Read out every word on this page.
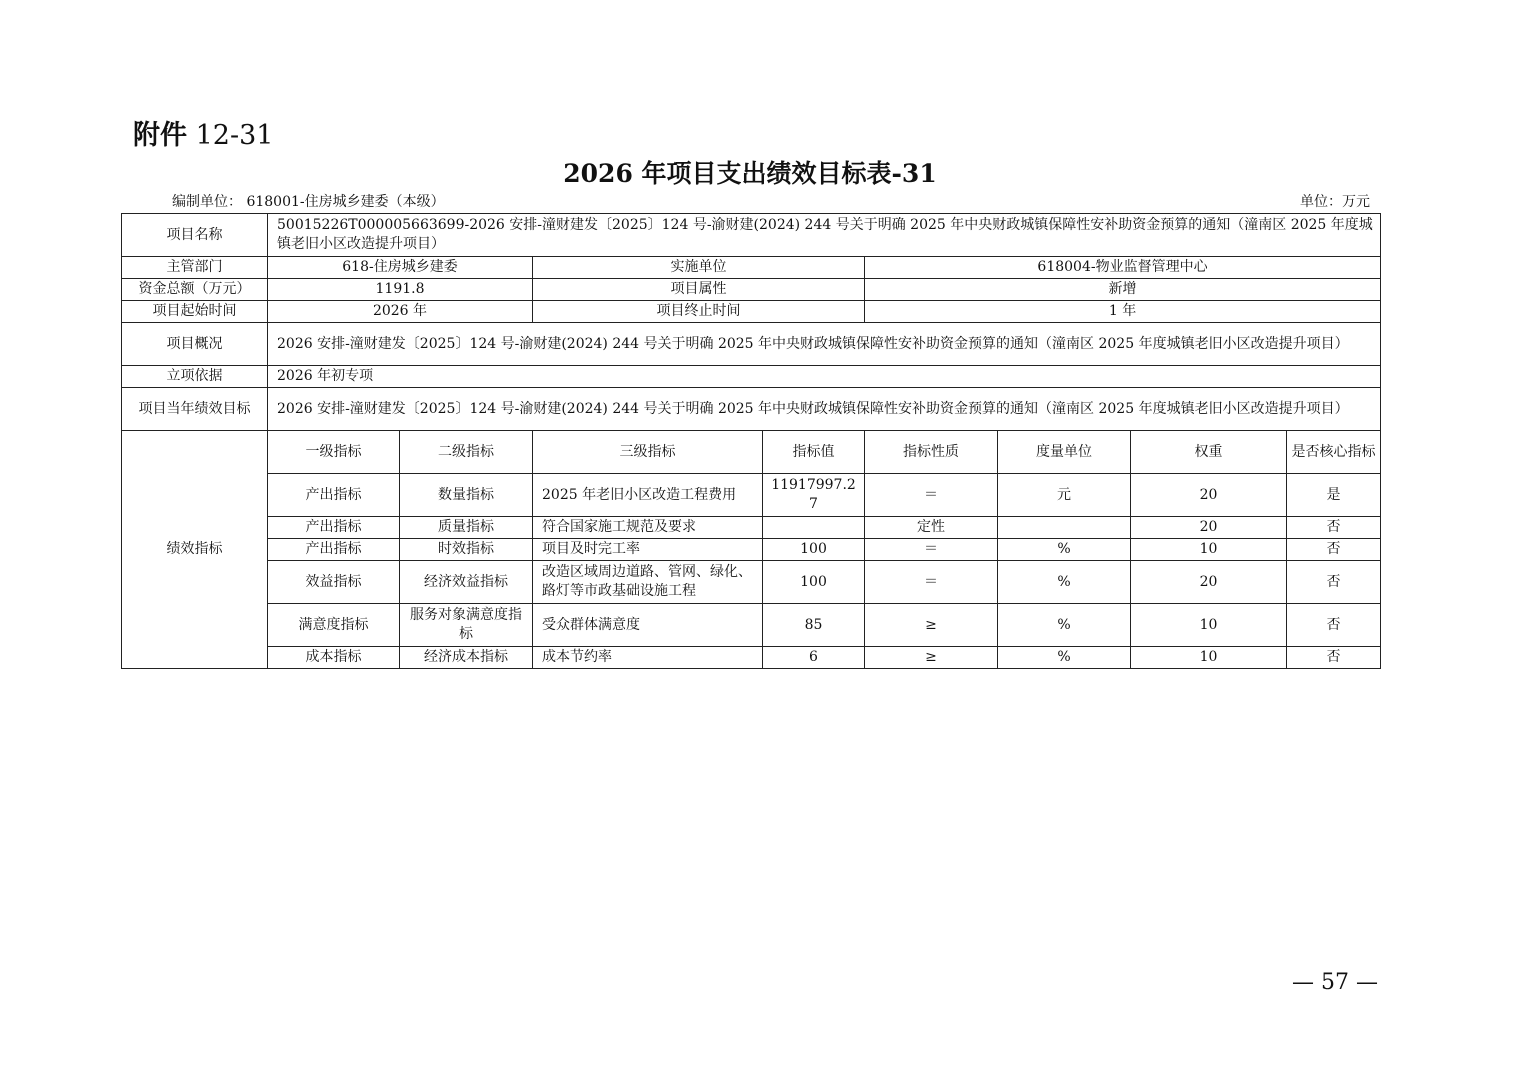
附件 12-31
2026 年项目支出绩效目标表-31
编制单位： 618001-住房城乡建委（本级）	单位：万元
项目名称	50015226T000005663699-2026 安排-潼财建发〔2025〕124 号-渝财建(2024) 244 号关于明确 2025 年中央财政城镇保障性安补助资金预算的通知（潼南区 2025 年度城镇老旧小区改造提升项目）							
主管部门	618-住房城乡建委		实施单位		618004-物业监督管理中心			
资金总额（万元）	1191.8		项目属性		新增			
项目起始时间	2026 年		项目终止时间		1 年			
项目概况	2026 安排-潼财建发〔2025〕124 号-渝财建(2024) 244 号关于明确 2025 年中央财政城镇保障性安补助资金预算的通知（潼南区 2025 年度城镇老旧小区改造提升项目）							
立项依据	2026 年初专项							
项目当年绩效目标	2026 安排-潼财建发〔2025〕124 号-渝财建(2024) 244 号关于明确 2025 年中央财政城镇保障性安补助资金预算的通知（潼南区 2025 年度城镇老旧小区改造提升项目）							
绩效指标	一级指标	二级指标	三级指标	指标值	指标性质	度量单位	权重	是否核心指标
	产出指标	数量指标	2025 年老旧小区改造工程费用	11917997.27	＝	元	20	是
	产出指标	质量指标	符合国家施工规范及要求		定性		20	否
	产出指标	时效指标	项目及时完工率	100	＝	%	10	否
	效益指标	经济效益指标	改造区域周边道路、管网、绿化、路灯等市政基础设施工程	100	＝	%	20	否
	满意度指标	服务对象满意度指标	受众群体满意度	85	≥	%	10	否
	成本指标	经济成本指标	成本节约率	6	≥	%	10	否
— 57 —
